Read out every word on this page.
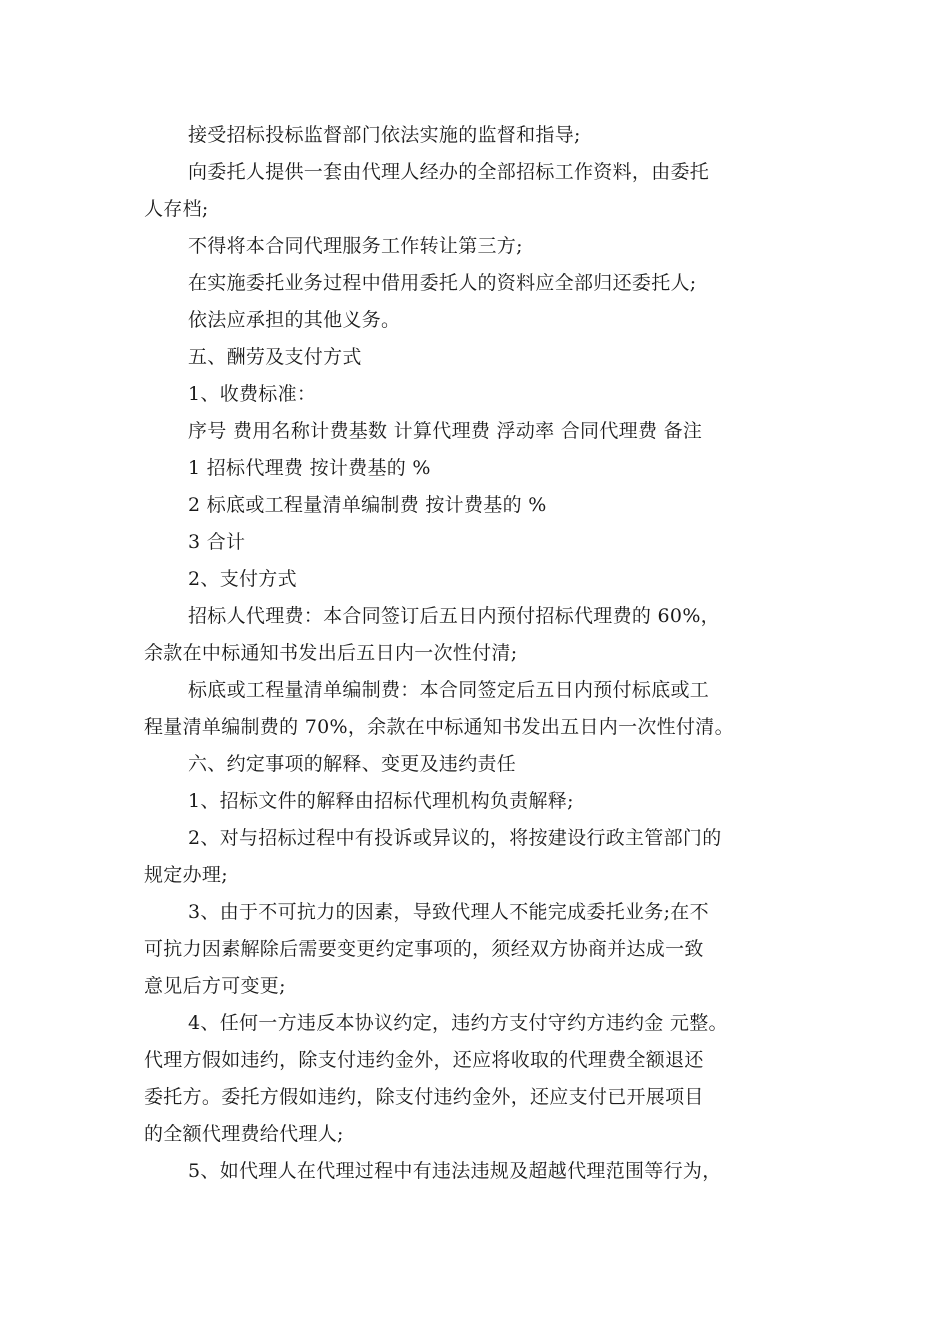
接受招标投标监督部门依法实施的监督和指导;
向委托人提供一套由代理人经办的全部招标工作资料，由委托
人存档;
不得将本合同代理服务工作转让第三方;
在实施委托业务过程中借用委托人的资料应全部归还委托人;
依法应承担的其他义务。
五、酬劳及支付方式
1、收费标准：
序号 费用名称计费基数 计算代理费 浮动率 合同代理费 备注
1 招标代理费 按计费基的 %
2 标底或工程量清单编制费 按计费基的 %
3 合计
2、支付方式
招标人代理费：本合同签订后五日内预付招标代理费的 60%，
余款在中标通知书发出后五日内一次性付清;
标底或工程量清单编制费：本合同签定后五日内预付标底或工
程量清单编制费的 70%，余款在中标通知书发出五日内一次性付清。
六、约定事项的解释、变更及违约责任
1、招标文件的解释由招标代理机构负责解释;
2、对与招标过程中有投诉或异议的，将按建设行政主管部门的
规定办理;
3、由于不可抗力的因素，导致代理人不能完成委托业务;在不
可抗力因素解除后需要变更约定事项的，须经双方协商并达成一致
意见后方可变更;
4、任何一方违反本协议约定，违约方支付守约方违约金 元整。
代理方假如违约，除支付违约金外，还应将收取的代理费全额退还
委托方。委托方假如违约，除支付违约金外，还应支付已开展项目
的全额代理费给代理人;
5、如代理人在代理过程中有违法违规及超越代理范围等行为，
